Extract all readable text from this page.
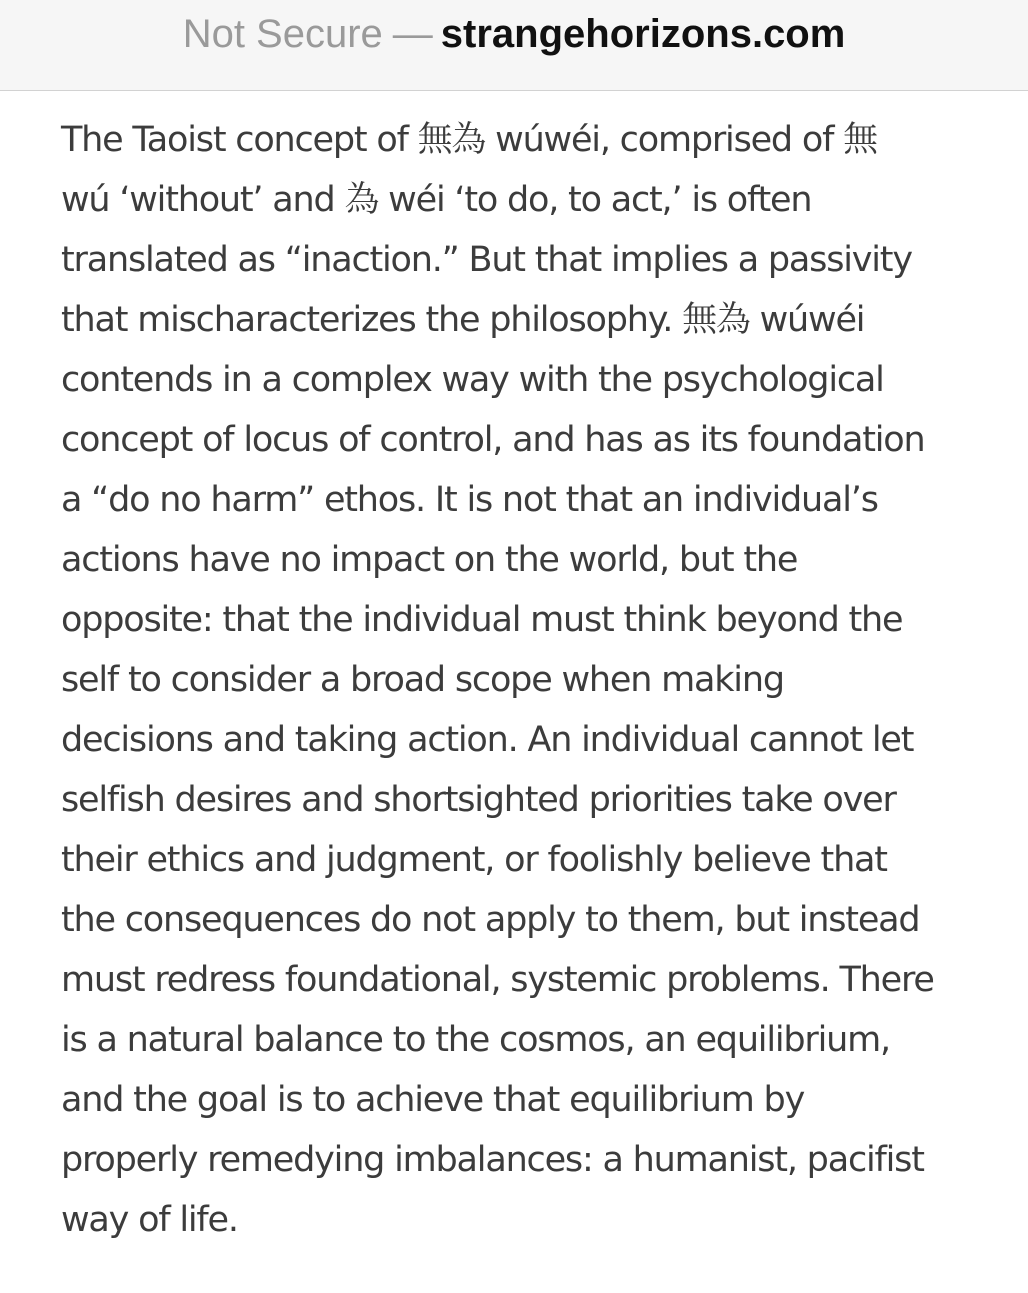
Not Secure — strangehorizons.com

The Taoist concept of 無為 wúwéi, comprised of 無
wú ‘without’ and 為 wéi ‘to do, to act,’ is often
translated as “inaction.” But that implies a passivity
that mischaracterizes the philosophy. 無為 wúwéi
contends in a complex way with the psychological
concept of locus of control, and has as its foundation
a “do no harm” ethos. It is not that an individual’s
actions have no impact on the world, but the
opposite: that the individual must think beyond the
self to consider a broad scope when making
decisions and taking action. An individual cannot let
selfish desires and shortsighted priorities take over
their ethics and judgment, or foolishly believe that
the consequences do not apply to them, but instead
must redress foundational, systemic problems. There
is a natural balance to the cosmos, an equilibrium,
and the goal is to achieve that equilibrium by
properly remedying imbalances: a humanist, pacifist
way of life.
